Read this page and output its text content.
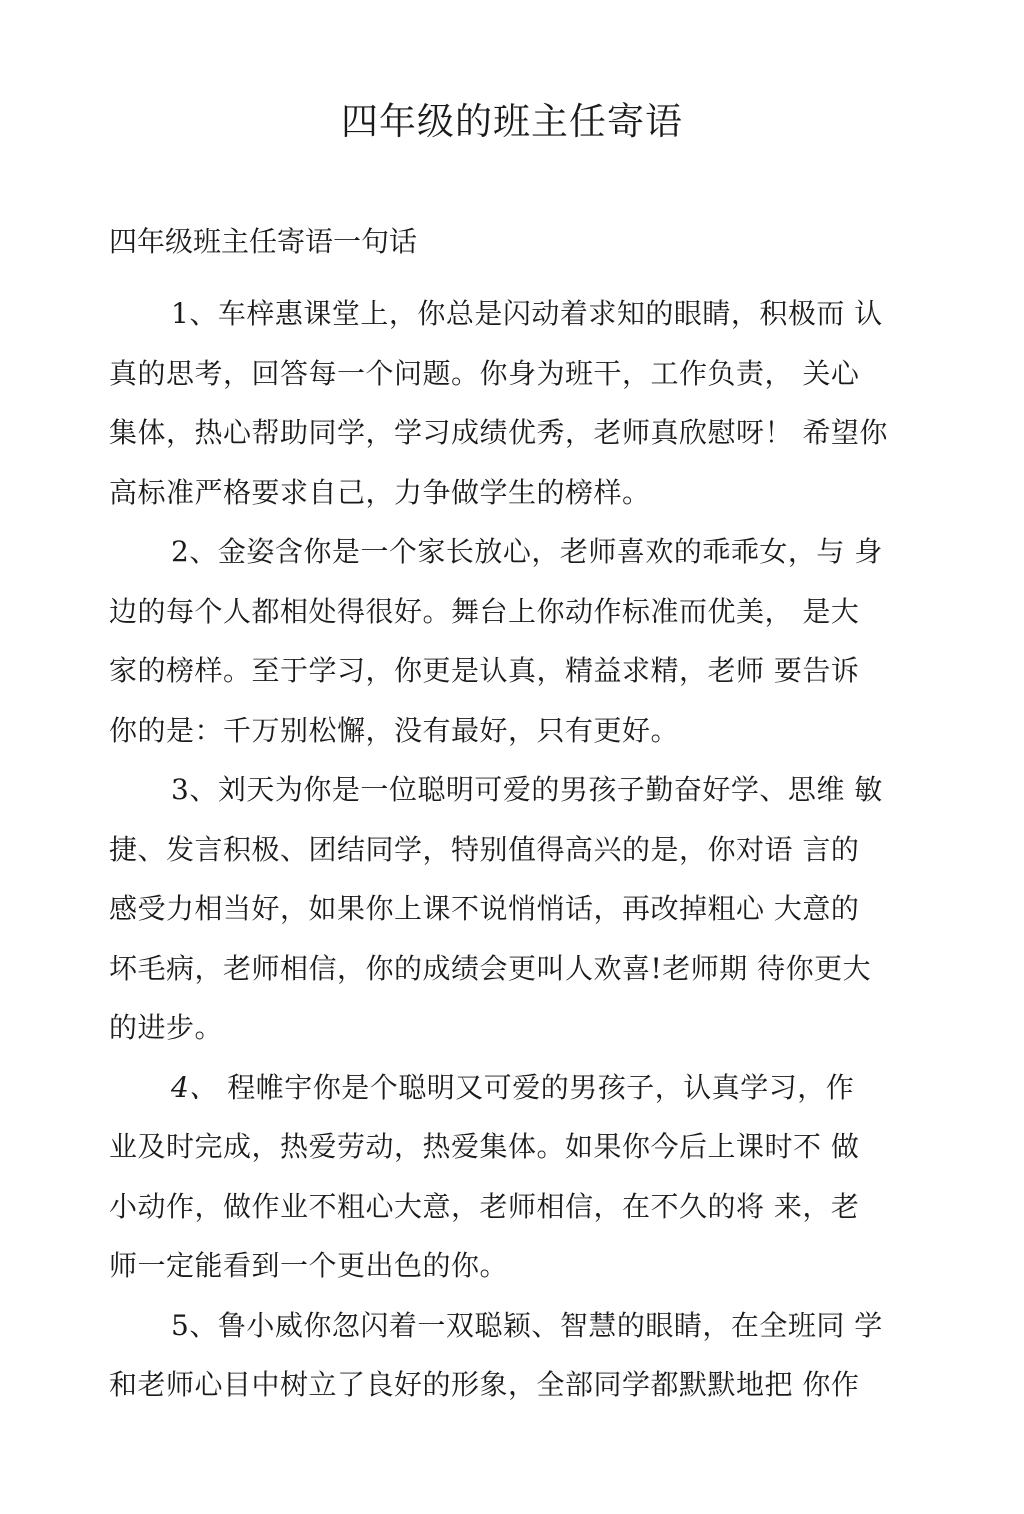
四年级的班主任寄语
四年级班主任寄语一句话

1、车梓惠课堂上，你总是闪动着求知的眼睛，积极而 认
真的思考，回答每一个问题。你身为班干，工作负责， 关心
集体，热心帮助同学，学习成绩优秀，老师真欣慰呀！ 希望你
高标准严格要求自己，力争做学生的榜样。

2、金姿含你是一个家长放心，老师喜欢的乖乖女，与 身
边的每个人都相处得很好。舞台上你动作标准而优美， 是大
家的榜样。至于学习，你更是认真，精益求精，老师 要告诉
你的是：千万别松懈，没有最好，只有更好。

3、刘天为你是一位聪明可爱的男孩子勤奋好学、思维 敏
捷、发言积极、团结同学，特别值得高兴的是，你对语 言的
感受力相当好，如果你上课不说悄悄话，再改掉粗心 大意的
坏毛病，老师相信，你的成绩会更叫人欢喜!老师期 待你更大
的进步。

4、 程帷宇你是个聪明又可爱的男孩子，认真学习，作
业及时完成，热爱劳动，热爱集体。如果你今后上课时不 做
小动作，做作业不粗心大意，老师相信，在不久的将 来，老
师一定能看到一个更出色的你。

5、鲁小威你忽闪着一双聪颖、智慧的眼睛，在全班同 学
和老师心目中树立了良好的形象，全部同学都默默地把 你作
